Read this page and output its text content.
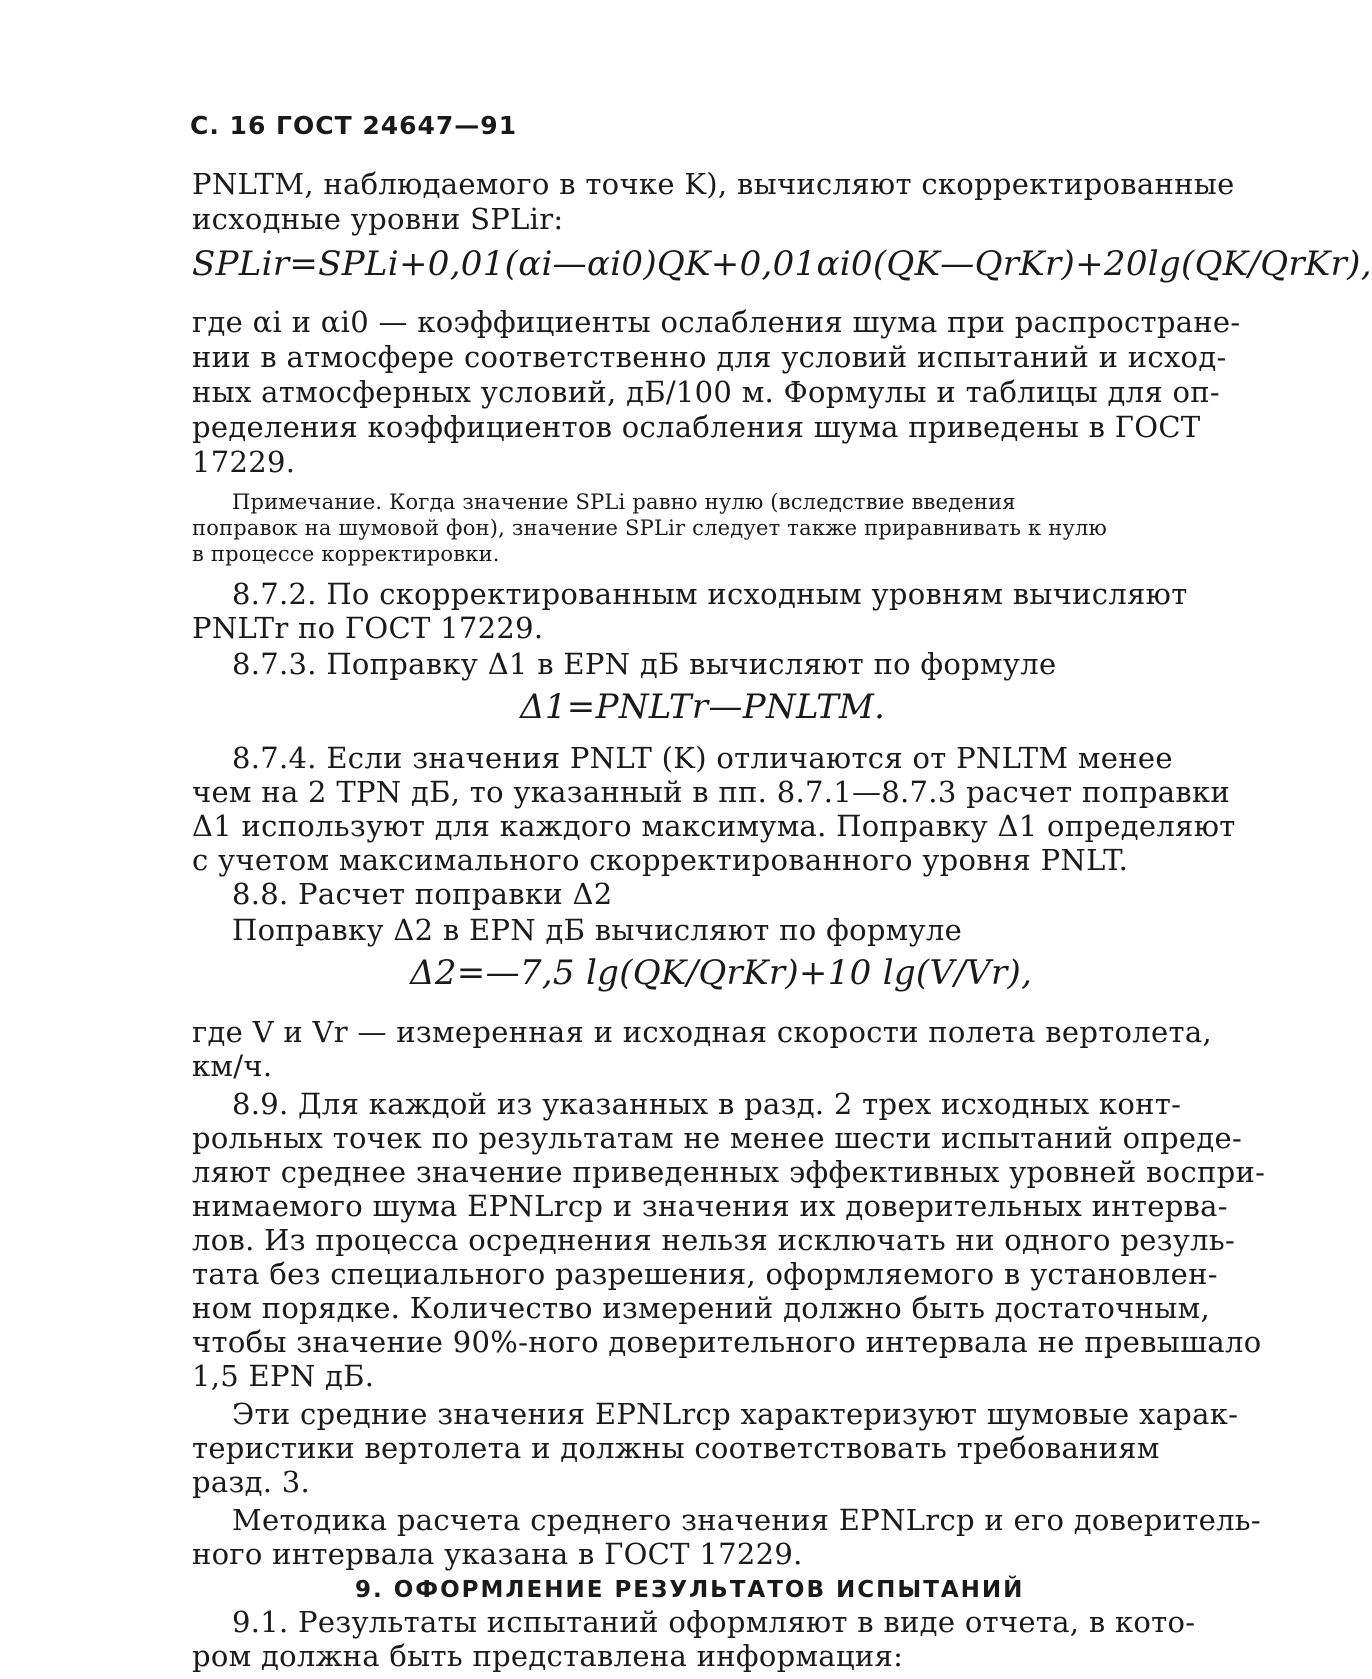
С. 16 ГОСТ 24647—91
PNLTM, наблюдаемого в точке K), вычисляют скорректированные
исходные уровни SPLir:
SPLir=SPLi+0,01(αi—αi0)QK+0,01αi0(QK—QrKr)+20lg(QK/QrKr),
где αi и αi0 — коэффициенты ослабления шума при распростране-
нии в атмосфере соответственно для условий испытаний и исход-
ных атмосферных условий, дБ/100 м. Формулы и таблицы для оп-
ределения коэффициентов ослабления шума приведены в ГОСТ
17229.
Примечание. Когда значение SPLi равно нулю (вследствие введения
поправок на шумовой фон), значение SPLir следует также приравнивать к нулю
в процессе корректировки.
8.7.2. По скорректированным исходным уровням вычисляют
PNLTr по ГОСТ 17229.
8.7.3. Поправку Δ1 в EPN дБ вычисляют по формуле
Δ1=PNLTr—PNLTM.
8.7.4. Если значения PNLT (K) отличаются от PNLTM менее
чем на 2 TPN дБ, то указанный в пп. 8.7.1—8.7.3 расчет поправки
Δ1 используют для каждого максимума. Поправку Δ1 определяют
с учетом максимального скорректированного уровня PNLT.
8.8. Расчет поправки Δ2
Поправку Δ2 в EPN дБ вычисляют по формуле
Δ2=—7,5 lg(QK/QrKr)+10 lg(V/Vr),
где V и Vr — измеренная и исходная скорости полета вертолета,
км/ч.
8.9. Для каждой из указанных в разд. 2 трех исходных конт-
рольных точек по результатам не менее шести испытаний опреде-
ляют среднее значение приведенных эффективных уровней воспри-
нимаемого шума EPNLrср и значения их доверительных интерва-
лов. Из процесса осреднения нельзя исключать ни одного резуль-
тата без специального разрешения, оформляемого в установлен-
ном порядке. Количество измерений должно быть достаточным,
чтобы значение 90%-ного доверительного интервала не превышало
1,5 EPN дБ.
Эти средние значения EPNLrср характеризуют шумовые харак-
теристики вертолета и должны соответствовать требованиям
разд. 3.
Методика расчета среднего значения EPNLrср и его доверитель-
ного интервала указана в ГОСТ 17229.
9. ОФОРМЛЕНИЕ РЕЗУЛЬТАТОВ ИСПЫТАНИЙ
9.1. Результаты испытаний оформляют в виде отчета, в кото-
ром должна быть представлена информация:
